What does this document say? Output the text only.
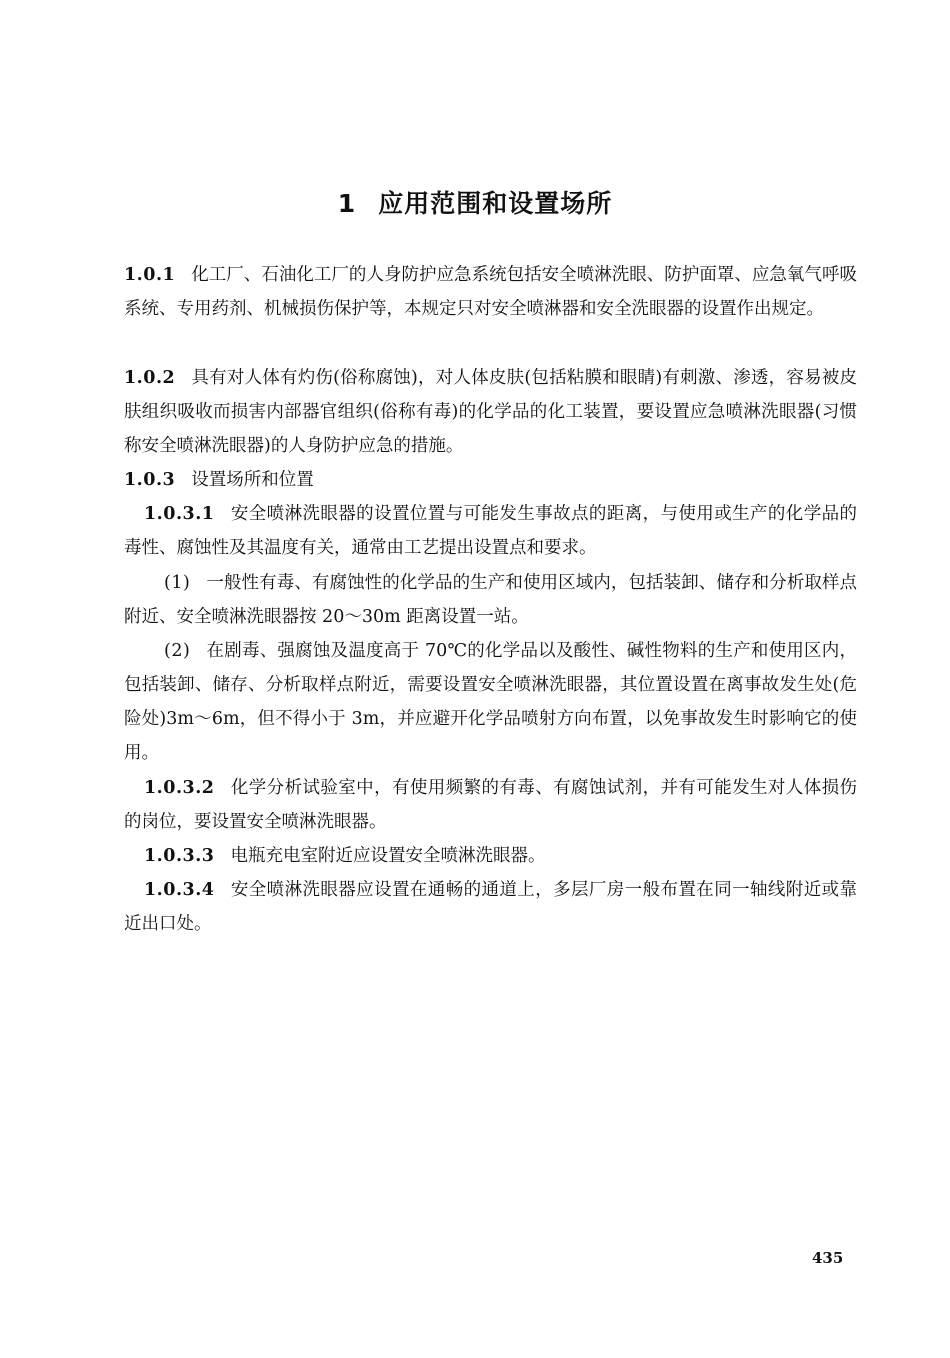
1 应用范围和设置场所

1.0.1 化工厂、石油化工厂的人身防护应急系统包括安全喷淋洗眼、防护面罩、应急氧气呼吸系统、专用药剂、机械损伤保护等，本规定只对安全喷淋器和安全洗眼器的设置作出规定。

1.0.2 具有对人体有灼伤(俗称腐蚀)，对人体皮肤(包括粘膜和眼睛)有刺激、渗透，容易被皮肤组织吸收而损害内部器官组织(俗称有毒)的化学品的化工装置，要设置应急喷淋洗眼器(习惯称安全喷淋洗眼器)的人身防护应急的措施。

1.0.3 设置场所和位置

1.0.3.1 安全喷淋洗眼器的设置位置与可能发生事故点的距离，与使用或生产的化学品的毒性、腐蚀性及其温度有关，通常由工艺提出设置点和要求。

(1) 一般性有毒、有腐蚀性的化学品的生产和使用区域内，包括装卸、储存和分析取样点附近、安全喷淋洗眼器按 20～30m 距离设置一站。

(2) 在剧毒、强腐蚀及温度高于 70℃的化学品以及酸性、碱性物料的生产和使用区内，包括装卸、储存、分析取样点附近，需要设置安全喷淋洗眼器，其位置设置在离事故发生处(危险处)3m～6m，但不得小于 3m，并应避开化学品喷射方向布置，以免事故发生时影响它的使用。

1.0.3.2 化学分析试验室中，有使用频繁的有毒、有腐蚀试剂，并有可能发生对人体损伤的岗位，要设置安全喷淋洗眼器。

1.0.3.3 电瓶充电室附近应设置安全喷淋洗眼器。

1.0.3.4 安全喷淋洗眼器应设置在通畅的通道上，多层厂房一般布置在同一轴线附近或靠近出口处。

435
